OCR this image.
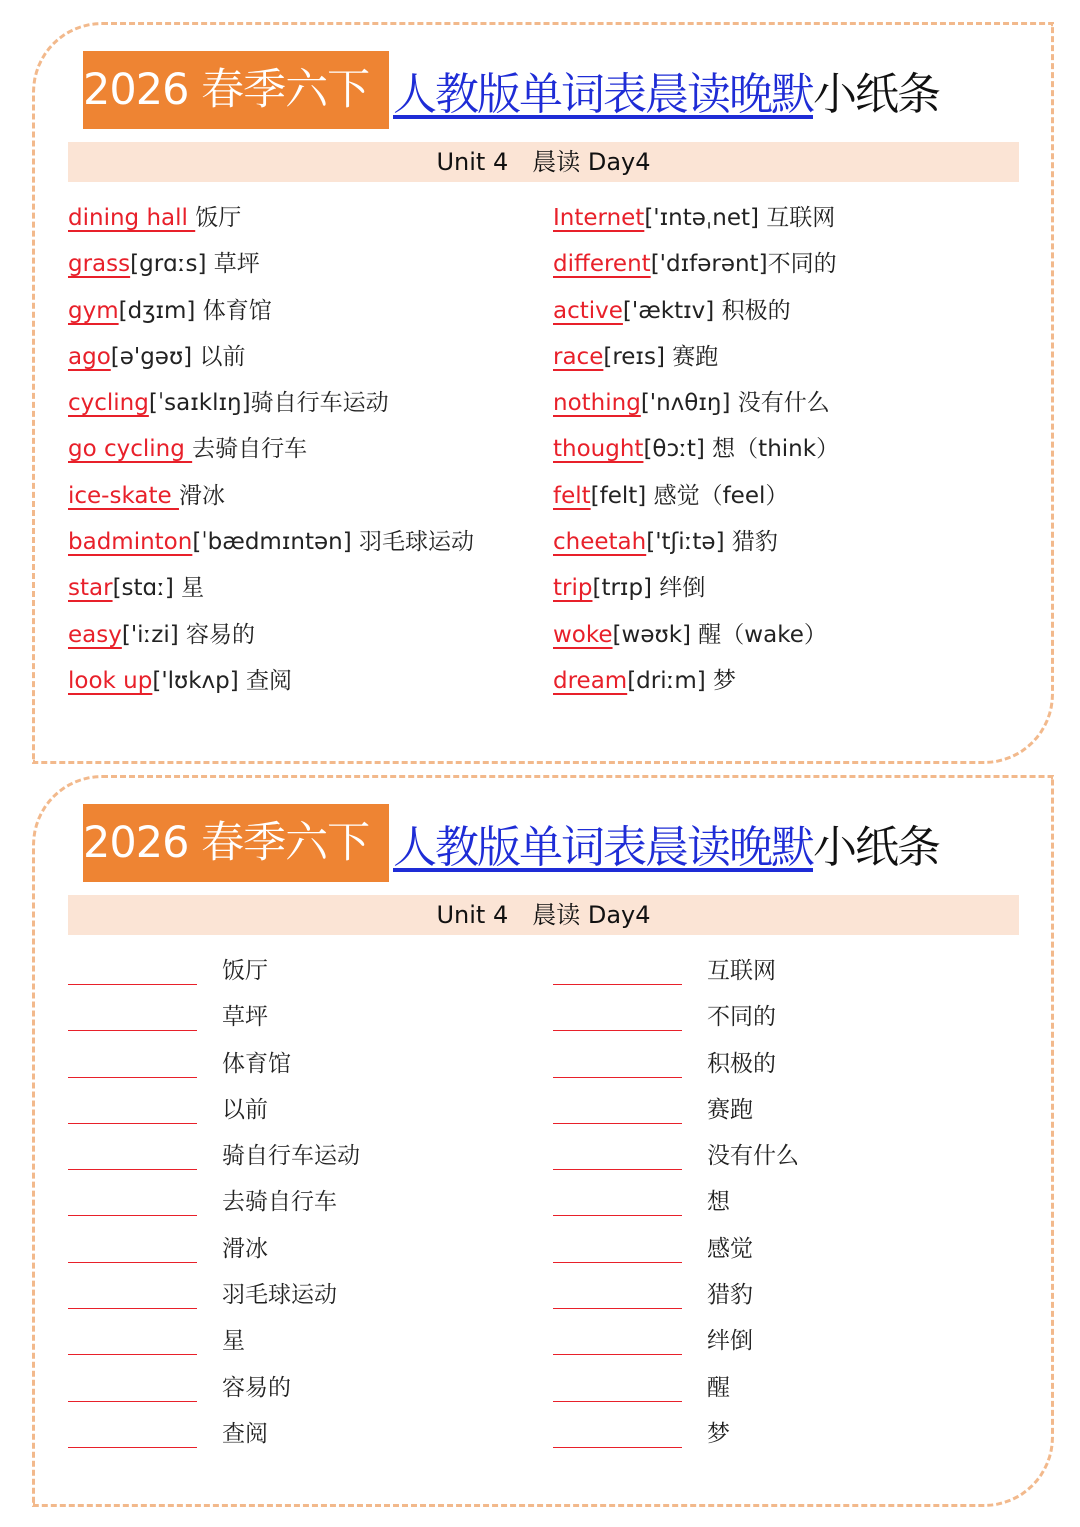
2026 春季六下 人教版单词表晨读晚默 小纸条
Unit 4　晨读 Day4
dining hall 饭厅
grass[grɑːs] 草坪
gym[dʒɪm] 体育馆
ago[ə'gəʊ] 以前
cycling[ˈsaɪklɪŋ]骑自行车运动
go cycling 去骑自行车
ice-skate 滑冰
badminton[ˈbædmɪntən] 羽毛球运动
star[stɑː] 星
easy['iːzi] 容易的
look up['lʊkʌp] 查阅
Internet['ɪntəˌnet] 互联网
different['dɪfərənt]不同的
active['æktɪv] 积极的
race[reɪs] 赛跑
nothing['nʌθɪŋ] 没有什么
thought[θɔːt] 想（think）
felt[felt] 感觉（feel）
cheetah['tʃiːtə] 猎豹
trip[trɪp] 绊倒
woke[wəʊk] 醒（wake）
dream[driːm] 梦
2026 春季六下 人教版单词表晨读晚默 小纸条
Unit 4　晨读 Day4
饭厅
草坪
体育馆
以前
骑自行车运动
去骑自行车
滑冰
羽毛球运动
星
容易的
查阅
互联网
不同的
积极的
赛跑
没有什么
想
感觉
猎豹
绊倒
醒
梦
